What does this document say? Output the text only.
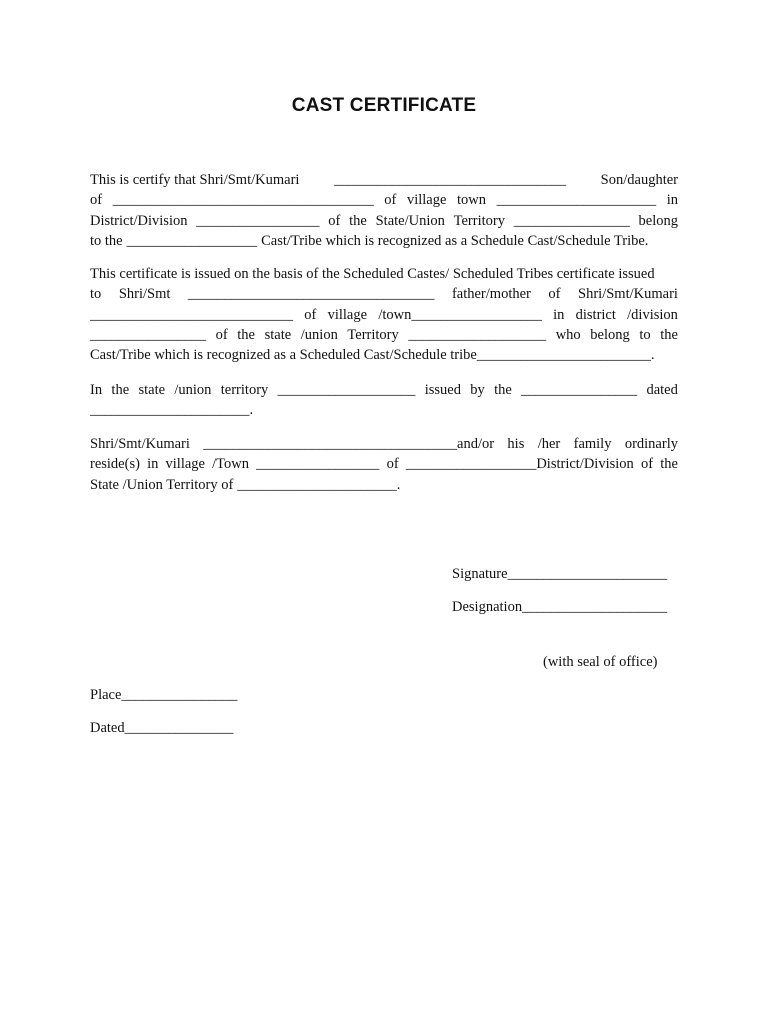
CAST CERTIFICATE
This is certify that Shri/Smt/Kumari ________________________________ Son/daughter
of ____________________________________ of village town ______________________ in
District/Division _________________ of the State/Union Territory ________________ belong
to the __________________ Cast/Tribe which is recognized as a Schedule Cast/Schedule Tribe.
This certificate is issued on the basis of the Scheduled Castes/ Scheduled Tribes certificate issued
to Shri/Smt __________________________________ father/mother of Shri/Smt/Kumari
____________________________ of village /town__________________ in district /division
________________ of the state /union Territory ___________________ who belong to the
Cast/Tribe which is recognized as a Scheduled Cast/Schedule tribe________________________.
In the state /union territory ___________________ issued by the ________________ dated
______________________.
Shri/Smt/Kumari ___________________________________and/or his /her family ordinarly
reside(s) in village /Town _________________ of __________________District/Division of the
State /Union Territory of ______________________.
Signature______________________
Designation____________________
(with seal of office)
Place________________
Dated_______________
